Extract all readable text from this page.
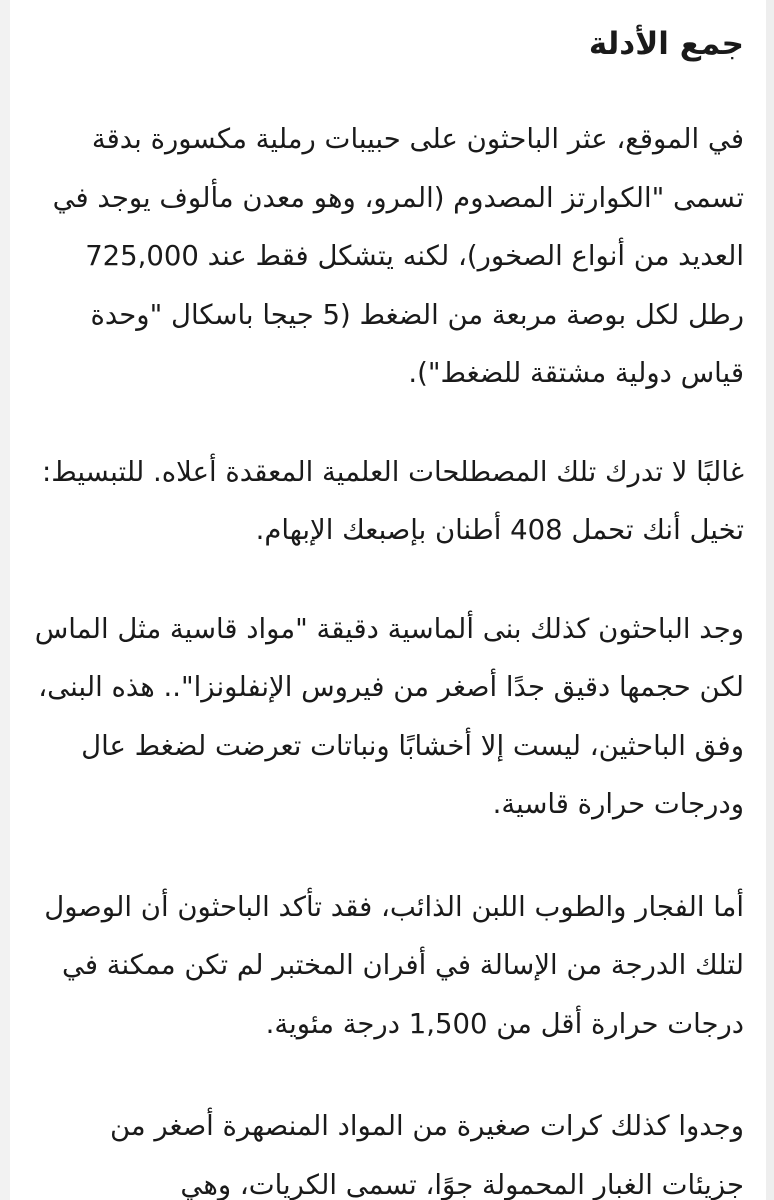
جمع الأدلة

في الموقع، عثر الباحثون على حبيبات رملية مكسورة بدقة تسمى "الكوارتز المصدوم (المرو، وهو معدن مألوف يوجد في العديد من أنواع الصخور)، لكنه يتشكل فقط عند 725,000 رطل لكل بوصة مربعة من الضغط (5 جيجا باسكال "وحدة قياس دولية مشتقة للضغط").

غالبًا لا تدرك تلك المصطلحات العلمية المعقدة أعلاه. للتبسيط: تخيل أنك تحمل 408 أطنان بإصبعك الإبهام.

وجد الباحثون كذلك بنى ألماسية دقيقة "مواد قاسية مثل الماس لكن حجمها دقيق جدًا أصغر من فيروس الإنفلونزا".. هذه البنى، وفق الباحثين، ليست إلا أخشابًا ونباتات تعرضت لضغط عال ودرجات حرارة قاسية.

أما الفجار والطوب اللبن الذائب، فقد تأكد الباحثون أن الوصول لتلك الدرجة من الإسالة في أفران المختبر لم تكن ممكنة في درجات حرارة أقل من 1,500 درجة مئوية.

وجدوا كذلك كرات صغيرة من المواد المنصهرة أصغر من جزيئات الغبار المحمولة جوًا، تسمى الكريات، وهي
